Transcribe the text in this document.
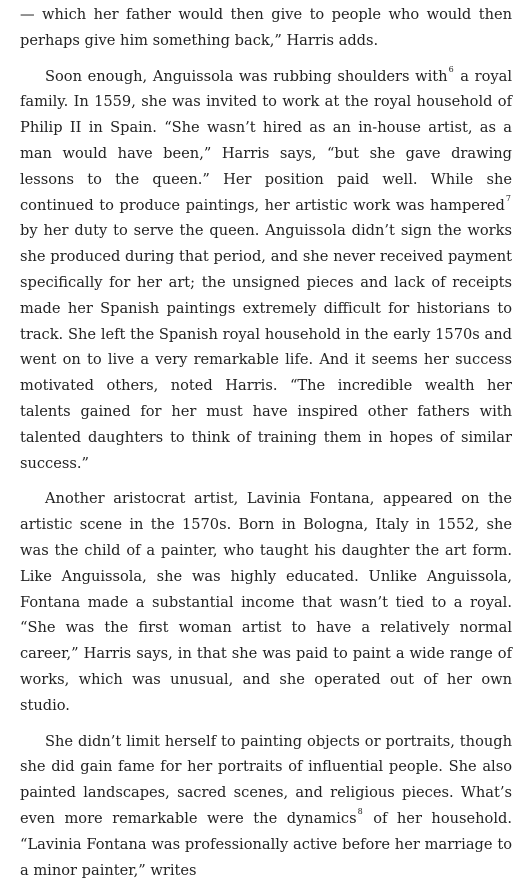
— which her father would then give to people who would then perhaps give him something back,” Harris adds.

Soon enough, Anguissola was rubbing shoulders with$^6$ a royal family. In 1559, she was invited to work at the royal household of Philip II in Spain. “She wasn’t hired as an in-house artist, as a man would have been,” Harris says, “but she gave drawing lessons to the queen.” Her position paid well. While she continued to produce paintings, her artistic work was hampered$^7$ by her duty to serve the queen. Anguissola didn’t sign the works she produced during that period, and she never received payment specifically for her art; the unsigned pieces and lack of receipts made her Spanish paintings extremely difficult for historians to track. She left the Spanish royal household in the early 1570s and went on to live a very remarkable life. And it seems her success motivated others, noted Harris. “The incredible wealth her talents gained for her must have inspired other fathers with talented daughters to think of training them in hopes of similar success.”

Another aristocrat artist, Lavinia Fontana, appeared on the artistic scene in the 1570s. Born in Bologna, Italy in 1552, she was the child of a painter, who taught his daughter the art form. Like Anguissola, she was highly educated. Unlike Anguissola, Fontana made a substantial income that wasn’t tied to a royal. “She was the first woman artist to have a relatively normal career,” Harris says, in that she was paid to paint a wide range of works, which was unusual, and she operated out of her own studio.

She didn’t limit herself to painting objects or portraits, though she did gain fame for her portraits of influential people. She also painted landscapes, sacred scenes, and religious pieces. What’s even more remarkable were the dynamics$^8$ of her household. “Lavinia Fontana was professionally active before her marriage to a minor painter,” writes
